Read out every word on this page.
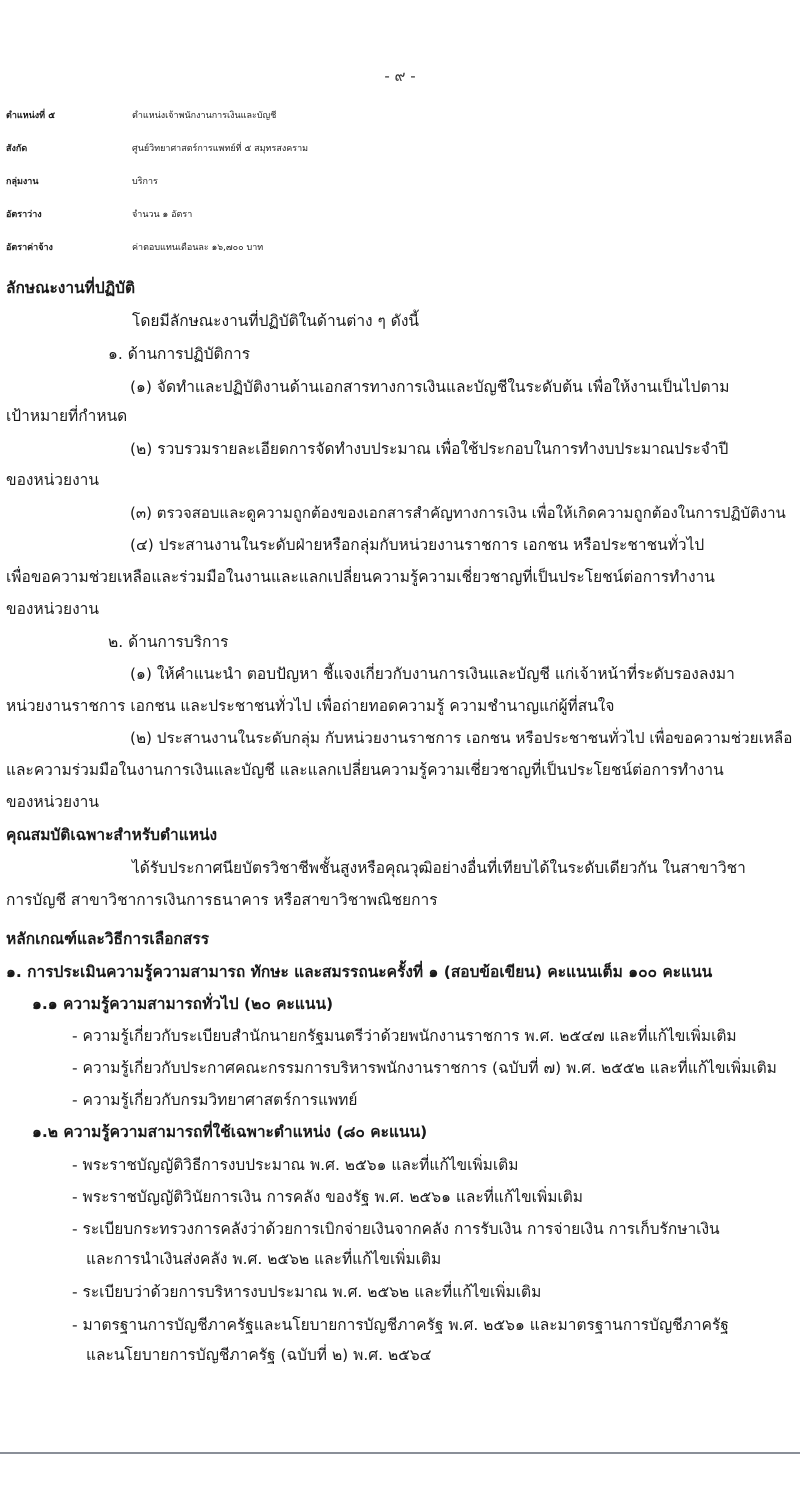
- ๙ -
ตำแหน่งที่ ๕	ตำแหน่งเจ้าพนักงานการเงินและบัญชี
สังกัด	ศูนย์วิทยาศาสตร์การแพทย์ที่ ๕ สมุทรสงคราม
กลุ่มงาน	บริการ
อัตราว่าง	จำนวน ๑ อัตรา
อัตราค่าจ้าง	ค่าตอบแทนเดือนละ ๑๖,๗๐๐ บาท
ลักษณะงานที่ปฏิบัติ
โดยมีลักษณะงานที่ปฏิบัติในด้านต่าง ๆ ดังนี้
๑. ด้านการปฏิบัติการ
(๑) จัดทำและปฏิบัติงานด้านเอกสารทางการเงินและบัญชีในระดับต้น เพื่อให้งานเป็นไปตาม
เป้าหมายที่กำหนด
(๒) รวบรวมรายละเอียดการจัดทำงบประมาณ เพื่อใช้ประกอบในการทำงบประมาณประจำปี
ของหน่วยงาน
(๓) ตรวจสอบและดูความถูกต้องของเอกสารสำคัญทางการเงิน เพื่อให้เกิดความถูกต้องในการปฏิบัติงาน
(๔) ประสานงานในระดับฝ่ายหรือกลุ่มกับหน่วยงานราชการ เอกชน หรือประชาชนทั่วไป
เพื่อขอความช่วยเหลือและร่วมมือในงานและแลกเปลี่ยนความรู้ความเชี่ยวชาญที่เป็นประโยชน์ต่อการทำงาน
ของหน่วยงาน
๒. ด้านการบริการ
(๑) ให้คำแนะนำ ตอบปัญหา ชี้แจงเกี่ยวกับงานการเงินและบัญชี แก่เจ้าหน้าที่ระดับรองลงมา
หน่วยงานราชการ เอกชน และประชาชนทั่วไป เพื่อถ่ายทอดความรู้ ความชำนาญแก่ผู้ที่สนใจ
(๒) ประสานงานในระดับกลุ่ม กับหน่วยงานราชการ เอกชน หรือประชาชนทั่วไป เพื่อขอความช่วยเหลือ
และความร่วมมือในงานการเงินและบัญชี และแลกเปลี่ยนความรู้ความเชี่ยวชาญที่เป็นประโยชน์ต่อการทำงาน
ของหน่วยงาน
คุณสมบัติเฉพาะสำหรับตำแหน่ง
ได้รับประกาศนียบัตรวิชาชีพชั้นสูงหรือคุณวุฒิอย่างอื่นที่เทียบได้ในระดับเดียวกัน ในสาขาวิชา
การบัญชี สาขาวิชาการเงินการธนาคาร หรือสาขาวิชาพณิชยการ
หลักเกณฑ์และวิธีการเลือกสรร
๑. การประเมินความรู้ความสามารถ ทักษะ และสมรรถนะครั้งที่ ๑ (สอบข้อเขียน) คะแนนเต็ม ๑๐๐ คะแนน
๑.๑ ความรู้ความสามารถทั่วไป (๒๐ คะแนน)
- ความรู้เกี่ยวกับระเบียบสำนักนายกรัฐมนตรีว่าด้วยพนักงานราชการ พ.ศ. ๒๕๔๗ และที่แก้ไขเพิ่มเติม
- ความรู้เกี่ยวกับประกาศคณะกรรมการบริหารพนักงานราชการ (ฉบับที่ ๗) พ.ศ. ๒๕๕๒ และที่แก้ไขเพิ่มเติม
- ความรู้เกี่ยวกับกรมวิทยาศาสตร์การแพทย์
๑.๒ ความรู้ความสามารถที่ใช้เฉพาะตำแหน่ง (๘๐ คะแนน)
- พระราชบัญญัติวิธีการงบประมาณ พ.ศ. ๒๕๖๑ และที่แก้ไขเพิ่มเติม
- พระราชบัญญัติวินัยการเงิน การคลัง ของรัฐ พ.ศ. ๒๕๖๑ และที่แก้ไขเพิ่มเติม
- ระเบียบกระทรวงการคลังว่าด้วยการเบิกจ่ายเงินจากคลัง การรับเงิน การจ่ายเงิน การเก็บรักษาเงิน
และการนำเงินส่งคลัง พ.ศ. ๒๕๖๒ และที่แก้ไขเพิ่มเติม
- ระเบียบว่าด้วยการบริหารงบประมาณ พ.ศ. ๒๕๖๒ และที่แก้ไขเพิ่มเติม
- มาตรฐานการบัญชีภาครัฐและนโยบายการบัญชีภาครัฐ พ.ศ. ๒๕๖๑ และมาตรฐานการบัญชีภาครัฐ
และนโยบายการบัญชีภาครัฐ (ฉบับที่ ๒) พ.ศ. ๒๕๖๔
